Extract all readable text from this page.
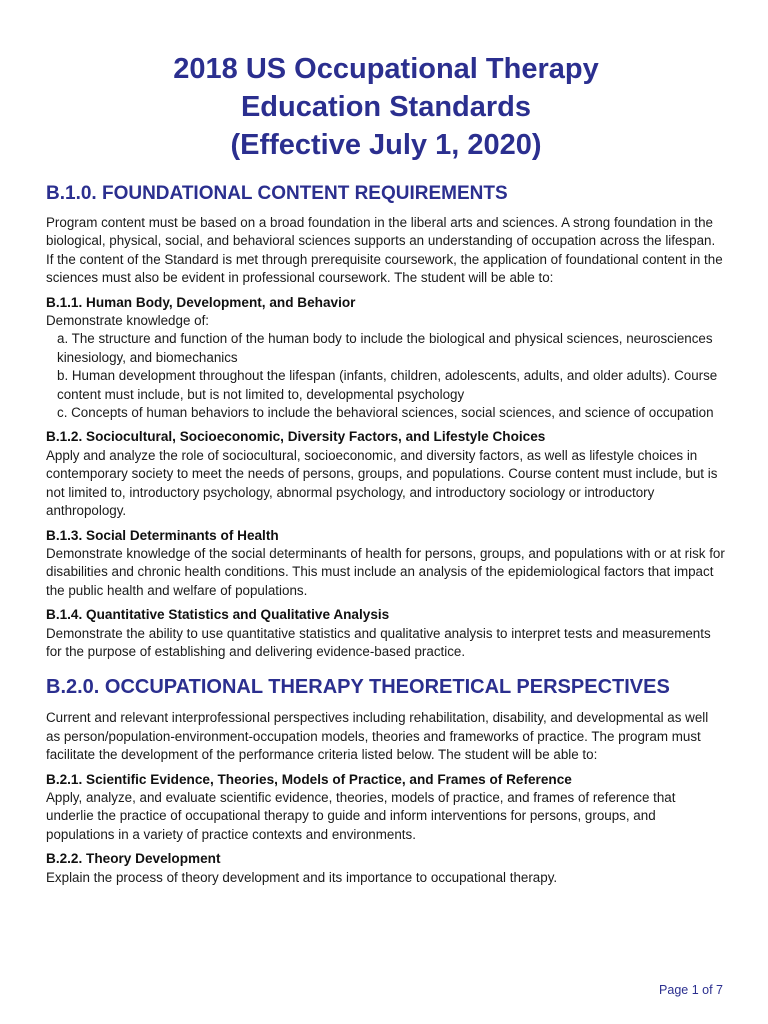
2018 US Occupational Therapy
Education Standards
(Effective July 1, 2020)
B.1.0. FOUNDATIONAL CONTENT REQUIREMENTS

Program content must be based on a broad foundation in the liberal arts and sciences. A strong foundation in the biological, physical, social, and behavioral sciences supports an understanding of occupation across the lifespan. If the content of the Standard is met through prerequisite coursework, the application of foundational content in the sciences must also be evident in professional coursework. The student will be able to:

B.1.1. Human Body, Development, and Behavior

Demonstrate knowledge of:

a. The structure and function of the human body to include the biological and physical sciences, neurosciences kinesiology, and biomechanics
b. Human development throughout the lifespan (infants, children, adolescents, adults, and older adults). Course content must include, but is not limited to, developmental psychology
c. Concepts of human behaviors to include the behavioral sciences, social sciences, and science of occupation
B.1.2. Sociocultural, Socioeconomic, Diversity Factors, and Lifestyle Choices

Apply and analyze the role of sociocultural, socioeconomic, and diversity factors, as well as lifestyle choices in contemporary society to meet the needs of persons, groups, and populations. Course content must include, but is not limited to, introductory psychology, abnormal psychology, and introductory sociology or introductory anthropology.

B.1.3. Social Determinants of Health

Demonstrate knowledge of the social determinants of health for persons, groups, and populations with or at risk for disabilities and chronic health conditions. This must include an analysis of the epidemiological factors that impact the public health and welfare of populations.

B.1.4. Quantitative Statistics and Qualitative Analysis

Demonstrate the ability to use quantitative statistics and qualitative analysis to interpret tests and measurements for the purpose of establishing and delivering evidence-based practice.

B.2.0. OCCUPATIONAL THERAPY THEORETICAL PERSPECTIVES

Current and relevant interprofessional perspectives including rehabilitation, disability, and developmental as well as person/population-environment-occupation models, theories and frameworks of practice. The program must facilitate the development of the performance criteria listed below. The student will be able to:

B.2.1. Scientific Evidence, Theories, Models of Practice, and Frames of Reference

Apply, analyze, and evaluate scientific evidence, theories, models of practice, and frames of reference that underlie the practice of occupational therapy to guide and inform interventions for persons, groups, and populations in a variety of practice contexts and environments.

B.2.2. Theory Development

Explain the process of theory development and its importance to occupational therapy.

Page 1 of 7
